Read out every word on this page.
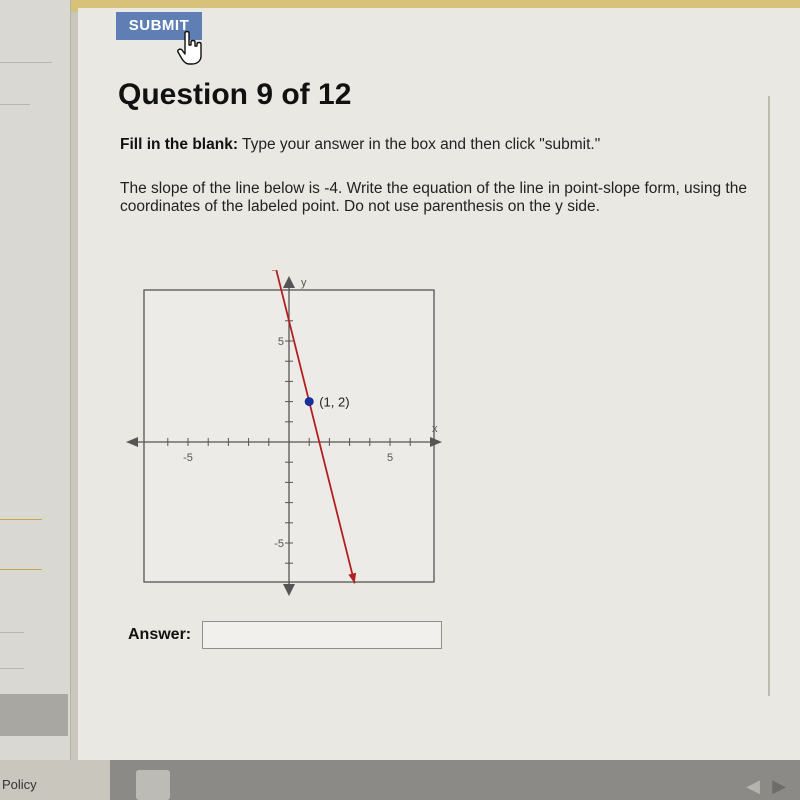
Policy
SUBMIT
Question 9 of 12
Fill in the blank: Type your answer in the box and then click "submit."
The slope of the line below is -4. Write the equation of the line in point-slope form, using the coordinates of the labeled point. Do not use parenthesis on the y side.
x
y
-5	5
5
-5
(1, 2)
Answer:
◀ ▶
